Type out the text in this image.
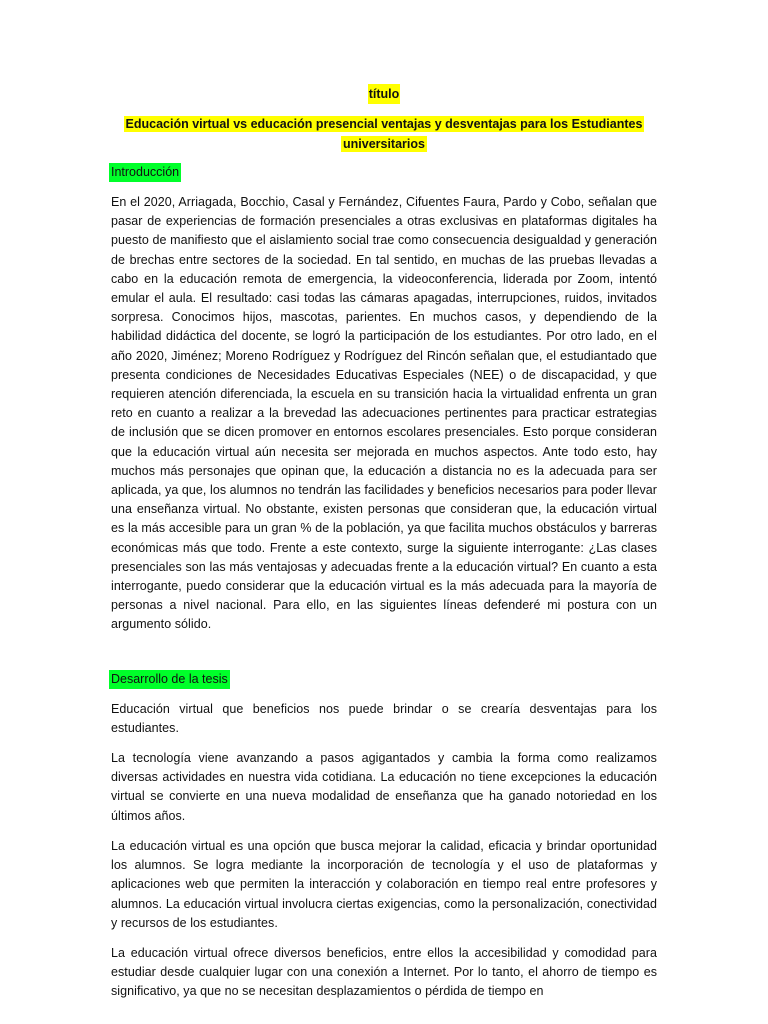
título
Educación virtual vs educación presencial ventajas y desventajas para los Estudiantes universitarios
Introducción

En el 2020, Arriagada, Bocchio, Casal y Fernández, Cifuentes Faura, Pardo y Cobo, señalan que pasar de experiencias de formación presenciales a otras exclusivas en plataformas digitales ha puesto de manifiesto que el aislamiento social trae como consecuencia desigualdad y generación de brechas entre sectores de la sociedad. En tal sentido, en muchas de las pruebas llevadas a cabo en la educación remota de emergencia, la videoconferencia, liderada por Zoom, intentó emular el aula. El resultado: casi todas las cámaras apagadas, interrupciones, ruidos, invitados sorpresa. Conocimos hijos, mascotas, parientes. En muchos casos, y dependiendo de la habilidad didáctica del docente, se logró la participación de los estudiantes. Por otro lado, en el año 2020, Jiménez; Moreno Rodríguez y Rodríguez del Rincón señalan que, el estudiantado que presenta condiciones de Necesidades Educativas Especiales (NEE) o de discapacidad, y que requieren atención diferenciada, la escuela en su transición hacia la virtualidad enfrenta un gran reto en cuanto a realizar a la brevedad las adecuaciones pertinentes para practicar estrategias de inclusión que se dicen promover en entornos escolares presenciales. Esto porque consideran que la educación virtual aún necesita ser mejorada en muchos aspectos. Ante todo esto, hay muchos más personajes que opinan que, la educación a distancia no es la adecuada para ser aplicada, ya que, los alumnos no tendrán las facilidades y beneficios necesarios para poder llevar una enseñanza virtual. No obstante, existen personas que consideran que, la educación virtual es la más accesible para un gran % de la población, ya que facilita muchos obstáculos y barreras económicas más que todo. Frente a este contexto, surge la siguiente interrogante: ¿Las clases presenciales son las más ventajosas y adecuadas frente a la educación virtual? En cuanto a esta interrogante, puedo considerar que la educación virtual es la más adecuada para la mayoría de personas a nivel nacional. Para ello, en las siguientes líneas defenderé mi postura con un argumento sólido.

Desarrollo de la tesis

Educación virtual que beneficios nos puede brindar o se crearía desventajas para los estudiantes.

La tecnología viene avanzando a pasos agigantados y cambia la forma como realizamos diversas actividades en nuestra vida cotidiana. La educación no tiene excepciones la educación virtual se convierte en una nueva modalidad de enseñanza que ha ganado notoriedad en los últimos años.

La educación virtual es una opción que busca mejorar la calidad, eficacia y brindar oportunidad los alumnos. Se logra mediante la incorporación de tecnología y el uso de plataformas y aplicaciones web que permiten la interacción y colaboración en tiempo real entre profesores y alumnos. La educación virtual involucra ciertas exigencias, como la personalización, conectividad y recursos de los estudiantes.

La educación virtual ofrece diversos beneficios, entre ellos la accesibilidad y comodidad para estudiar desde cualquier lugar con una conexión a Internet. Por lo tanto, el ahorro de tiempo es significativo, ya que no se necesitan desplazamientos o pérdida de tiempo en
